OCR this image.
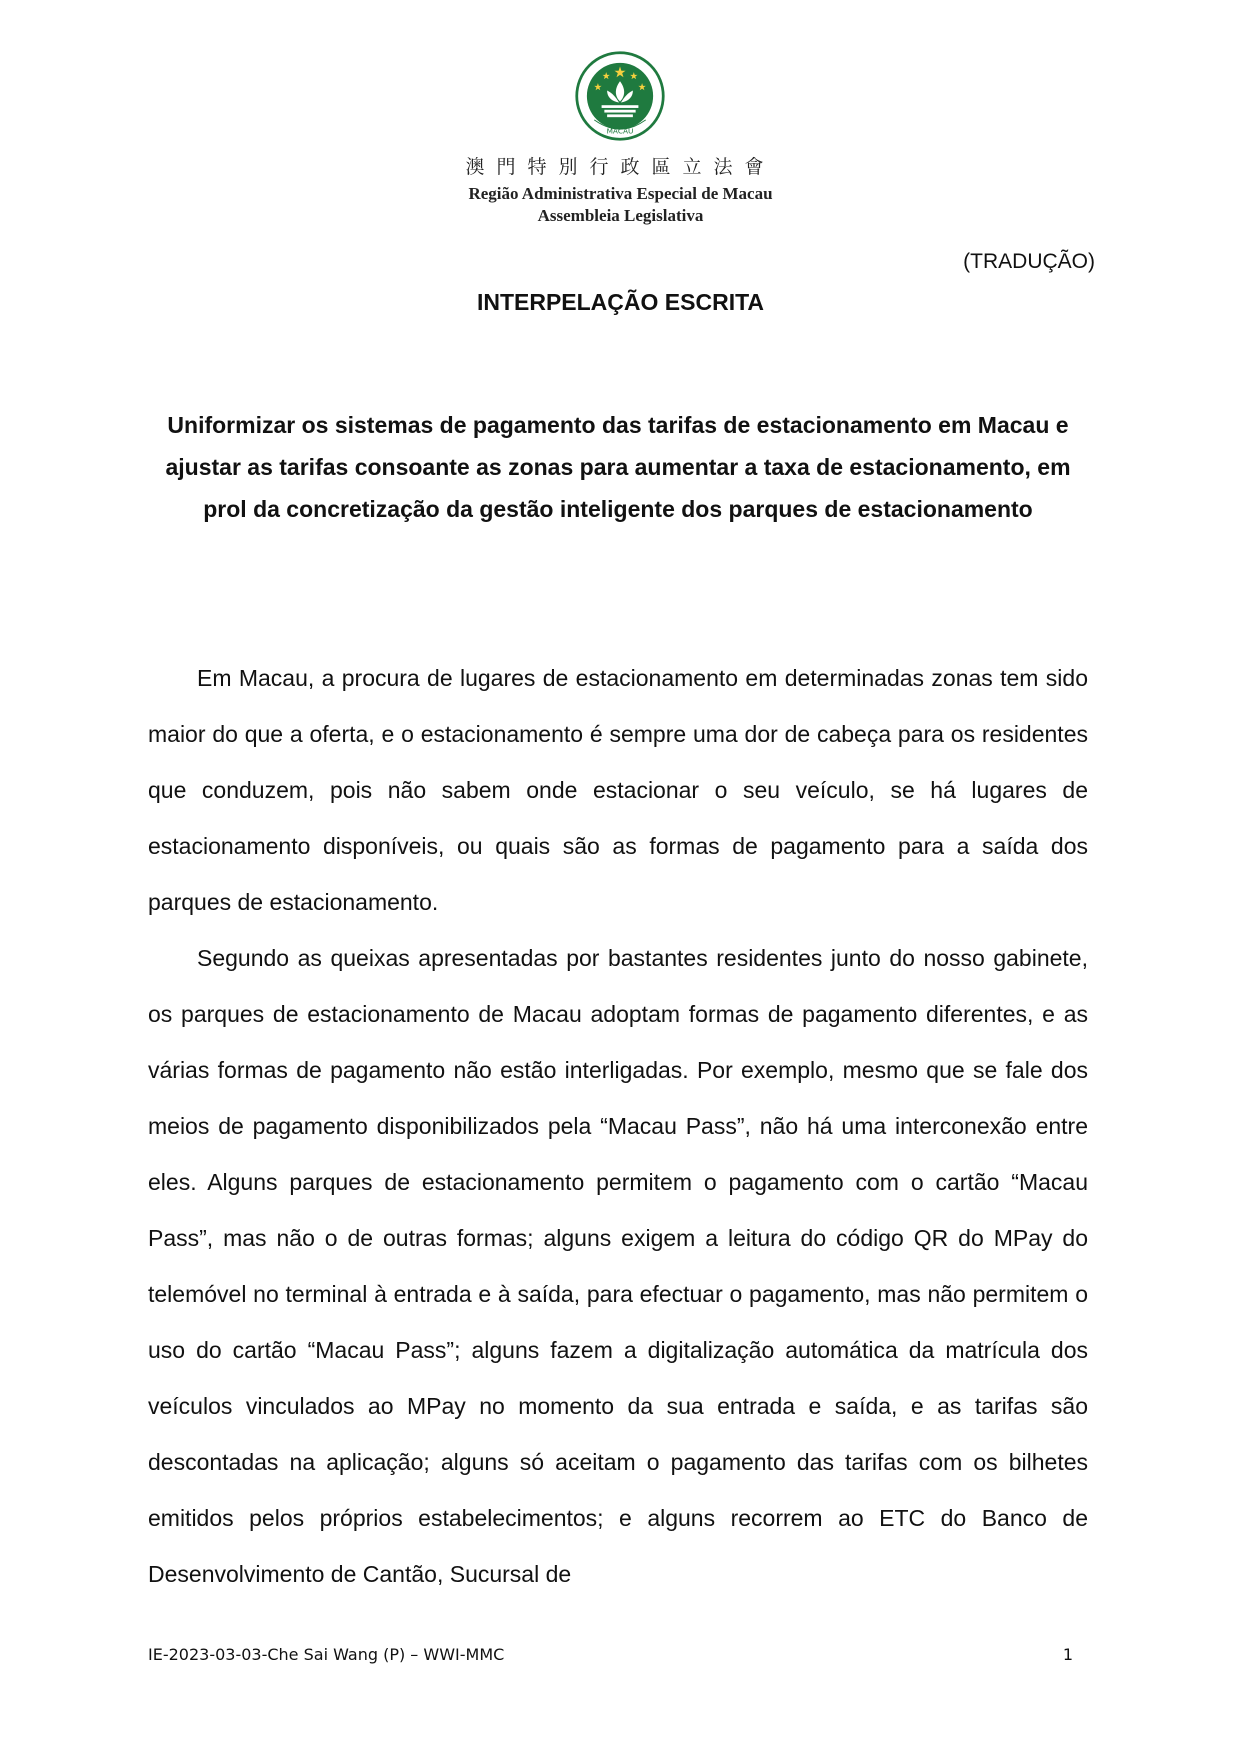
MACAU
澳門特別行政區立法會
Região Administrativa Especial de Macau
Assembleia Legislativa
(TRADUÇÃO)
INTERPELAÇÃO ESCRITA
Uniformizar os sistemas de pagamento das tarifas de estacionamento em Macau e ajustar as tarifas consoante as zonas para aumentar a taxa de estacionamento, em prol da concretização da gestão inteligente dos parques de estacionamento

Em Macau, a procura de lugares de estacionamento em determinadas zonas tem sido maior do que a oferta, e o estacionamento é sempre uma dor de cabeça para os residentes que conduzem, pois não sabem onde estacionar o seu veículo, se há lugares de estacionamento disponíveis, ou quais são as formas de pagamento para a saída dos parques de estacionamento.

Segundo as queixas apresentadas por bastantes residentes junto do nosso gabinete, os parques de estacionamento de Macau adoptam formas de pagamento diferentes, e as várias formas de pagamento não estão interligadas. Por exemplo, mesmo que se fale dos meios de pagamento disponibilizados pela “Macau Pass”, não há uma interconexão entre eles. Alguns parques de estacionamento permitem o pagamento com o cartão “Macau Pass”, mas não o de outras formas; alguns exigem a leitura do código QR do MPay do telemóvel no terminal à entrada e à saída, para efectuar o pagamento, mas não permitem o uso do cartão “Macau Pass”; alguns fazem a digitalização automática da matrícula dos veículos vinculados ao MPay no momento da sua entrada e saída, e as tarifas são descontadas na aplicação; alguns só aceitam o pagamento das tarifas com os bilhetes emitidos pelos próprios estabelecimentos; e alguns recorrem ao ETC do Banco de Desenvolvimento de Cantão, Sucursal de

IE-2023-03-03-Che Sai Wang (P) – WWI-MMC	1
